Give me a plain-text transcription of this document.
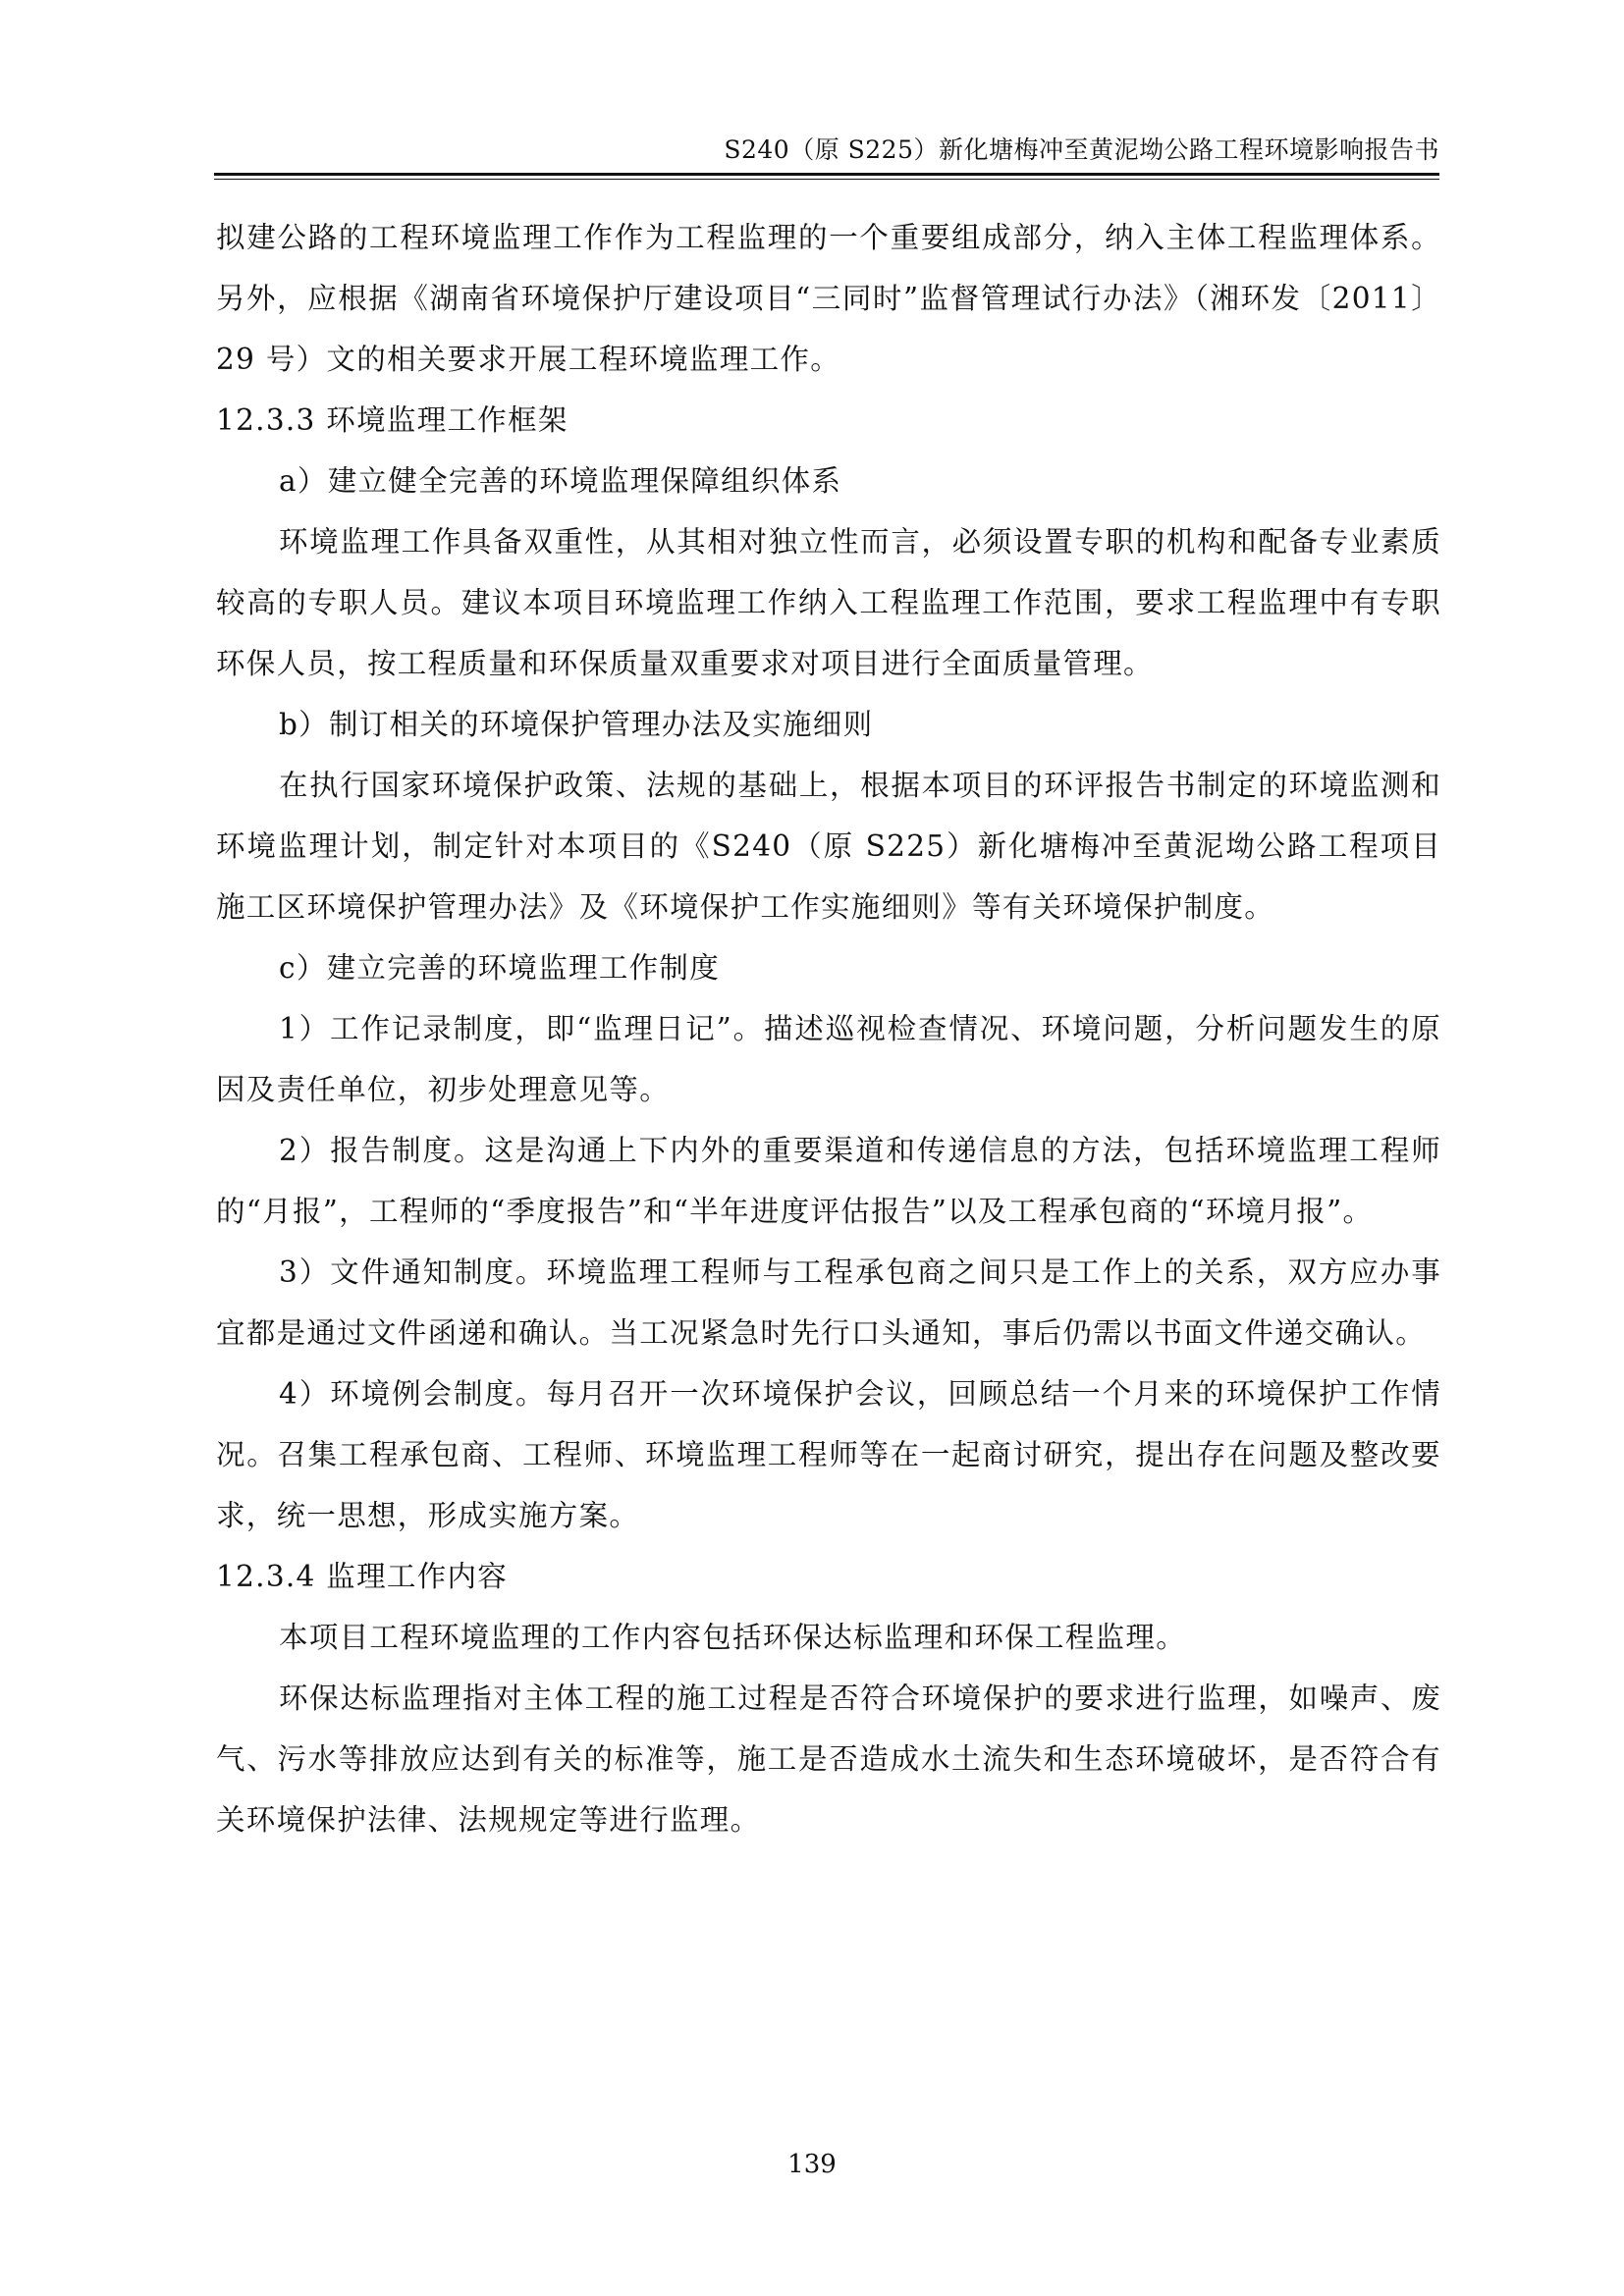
S240（原 S225）新化塘梅冲至黄泥坳公路工程环境影响报告书

拟建公路的工程环境监理工作作为工程监理的一个重要组成部分，纳入主体工程监理体系。另外，应根据《湖南省环境保护厅建设项目“三同时”监督管理试行办法》（湘环发〔2011〕29 号）文的相关要求开展工程环境监理工作。

12.3.3 环境监理工作框架

a）建立健全完善的环境监理保障组织体系

环境监理工作具备双重性，从其相对独立性而言，必须设置专职的机构和配备专业素质较高的专职人员。建议本项目环境监理工作纳入工程监理工作范围，要求工程监理中有专职环保人员，按工程质量和环保质量双重要求对项目进行全面质量管理。

b）制订相关的环境保护管理办法及实施细则

在执行国家环境保护政策、法规的基础上，根据本项目的环评报告书制定的环境监测和环境监理计划，制定针对本项目的《S240（原 S225）新化塘梅冲至黄泥坳公路工程项目施工区环境保护管理办法》及《环境保护工作实施细则》等有关环境保护制度。

c）建立完善的环境监理工作制度

1）工作记录制度，即“监理日记”。描述巡视检查情况、环境问题，分析问题发生的原因及责任单位，初步处理意见等。

2）报告制度。这是沟通上下内外的重要渠道和传递信息的方法，包括环境监理工程师的“月报”，工程师的“季度报告”和“半年进度评估报告”以及工程承包商的“环境月报”。

3）文件通知制度。环境监理工程师与工程承包商之间只是工作上的关系，双方应办事宜都是通过文件函递和确认。当工况紧急时先行口头通知，事后仍需以书面文件递交确认。

4）环境例会制度。每月召开一次环境保护会议，回顾总结一个月来的环境保护工作情况。召集工程承包商、工程师、环境监理工程师等在一起商讨研究，提出存在问题及整改要求，统一思想，形成实施方案。

12.3.4 监理工作内容

本项目工程环境监理的工作内容包括环保达标监理和环保工程监理。

环保达标监理指对主体工程的施工过程是否符合环境保护的要求进行监理，如噪声、废气、污水等排放应达到有关的标准等，施工是否造成水土流失和生态环境破坏，是否符合有关环境保护法律、法规规定等进行监理。

139
